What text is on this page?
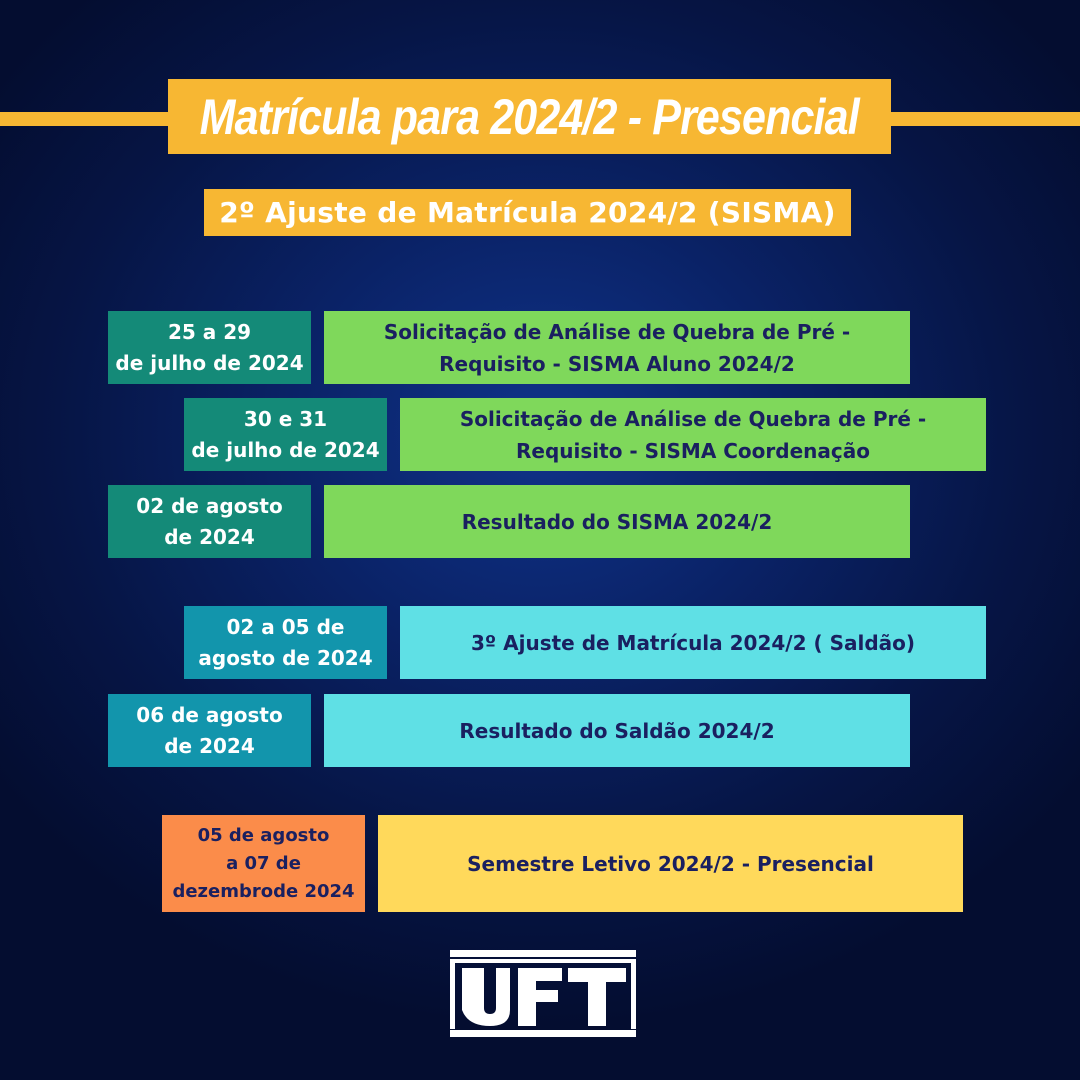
Matrícula para 2024/2 - Presencial
2º Ajuste de Matrícula 2024/2 (SISMA)
25 a 29
de julho de 2024
Solicitação de Análise de Quebra de Pré -
Requisito - SISMA Aluno 2024/2
30 e 31
de julho de 2024
Solicitação de Análise de Quebra de Pré -
Requisito - SISMA Coordenação
02 de agosto
de 2024
Resultado do SISMA 2024/2
02 a 05 de
agosto de 2024
3º Ajuste de Matrícula 2024/2 ( Saldão)
06 de agosto
de 2024
Resultado do Saldão 2024/2
05 de agosto
a 07 de
dezembrode 2024
Semestre Letivo 2024/2 - Presencial
UFT
